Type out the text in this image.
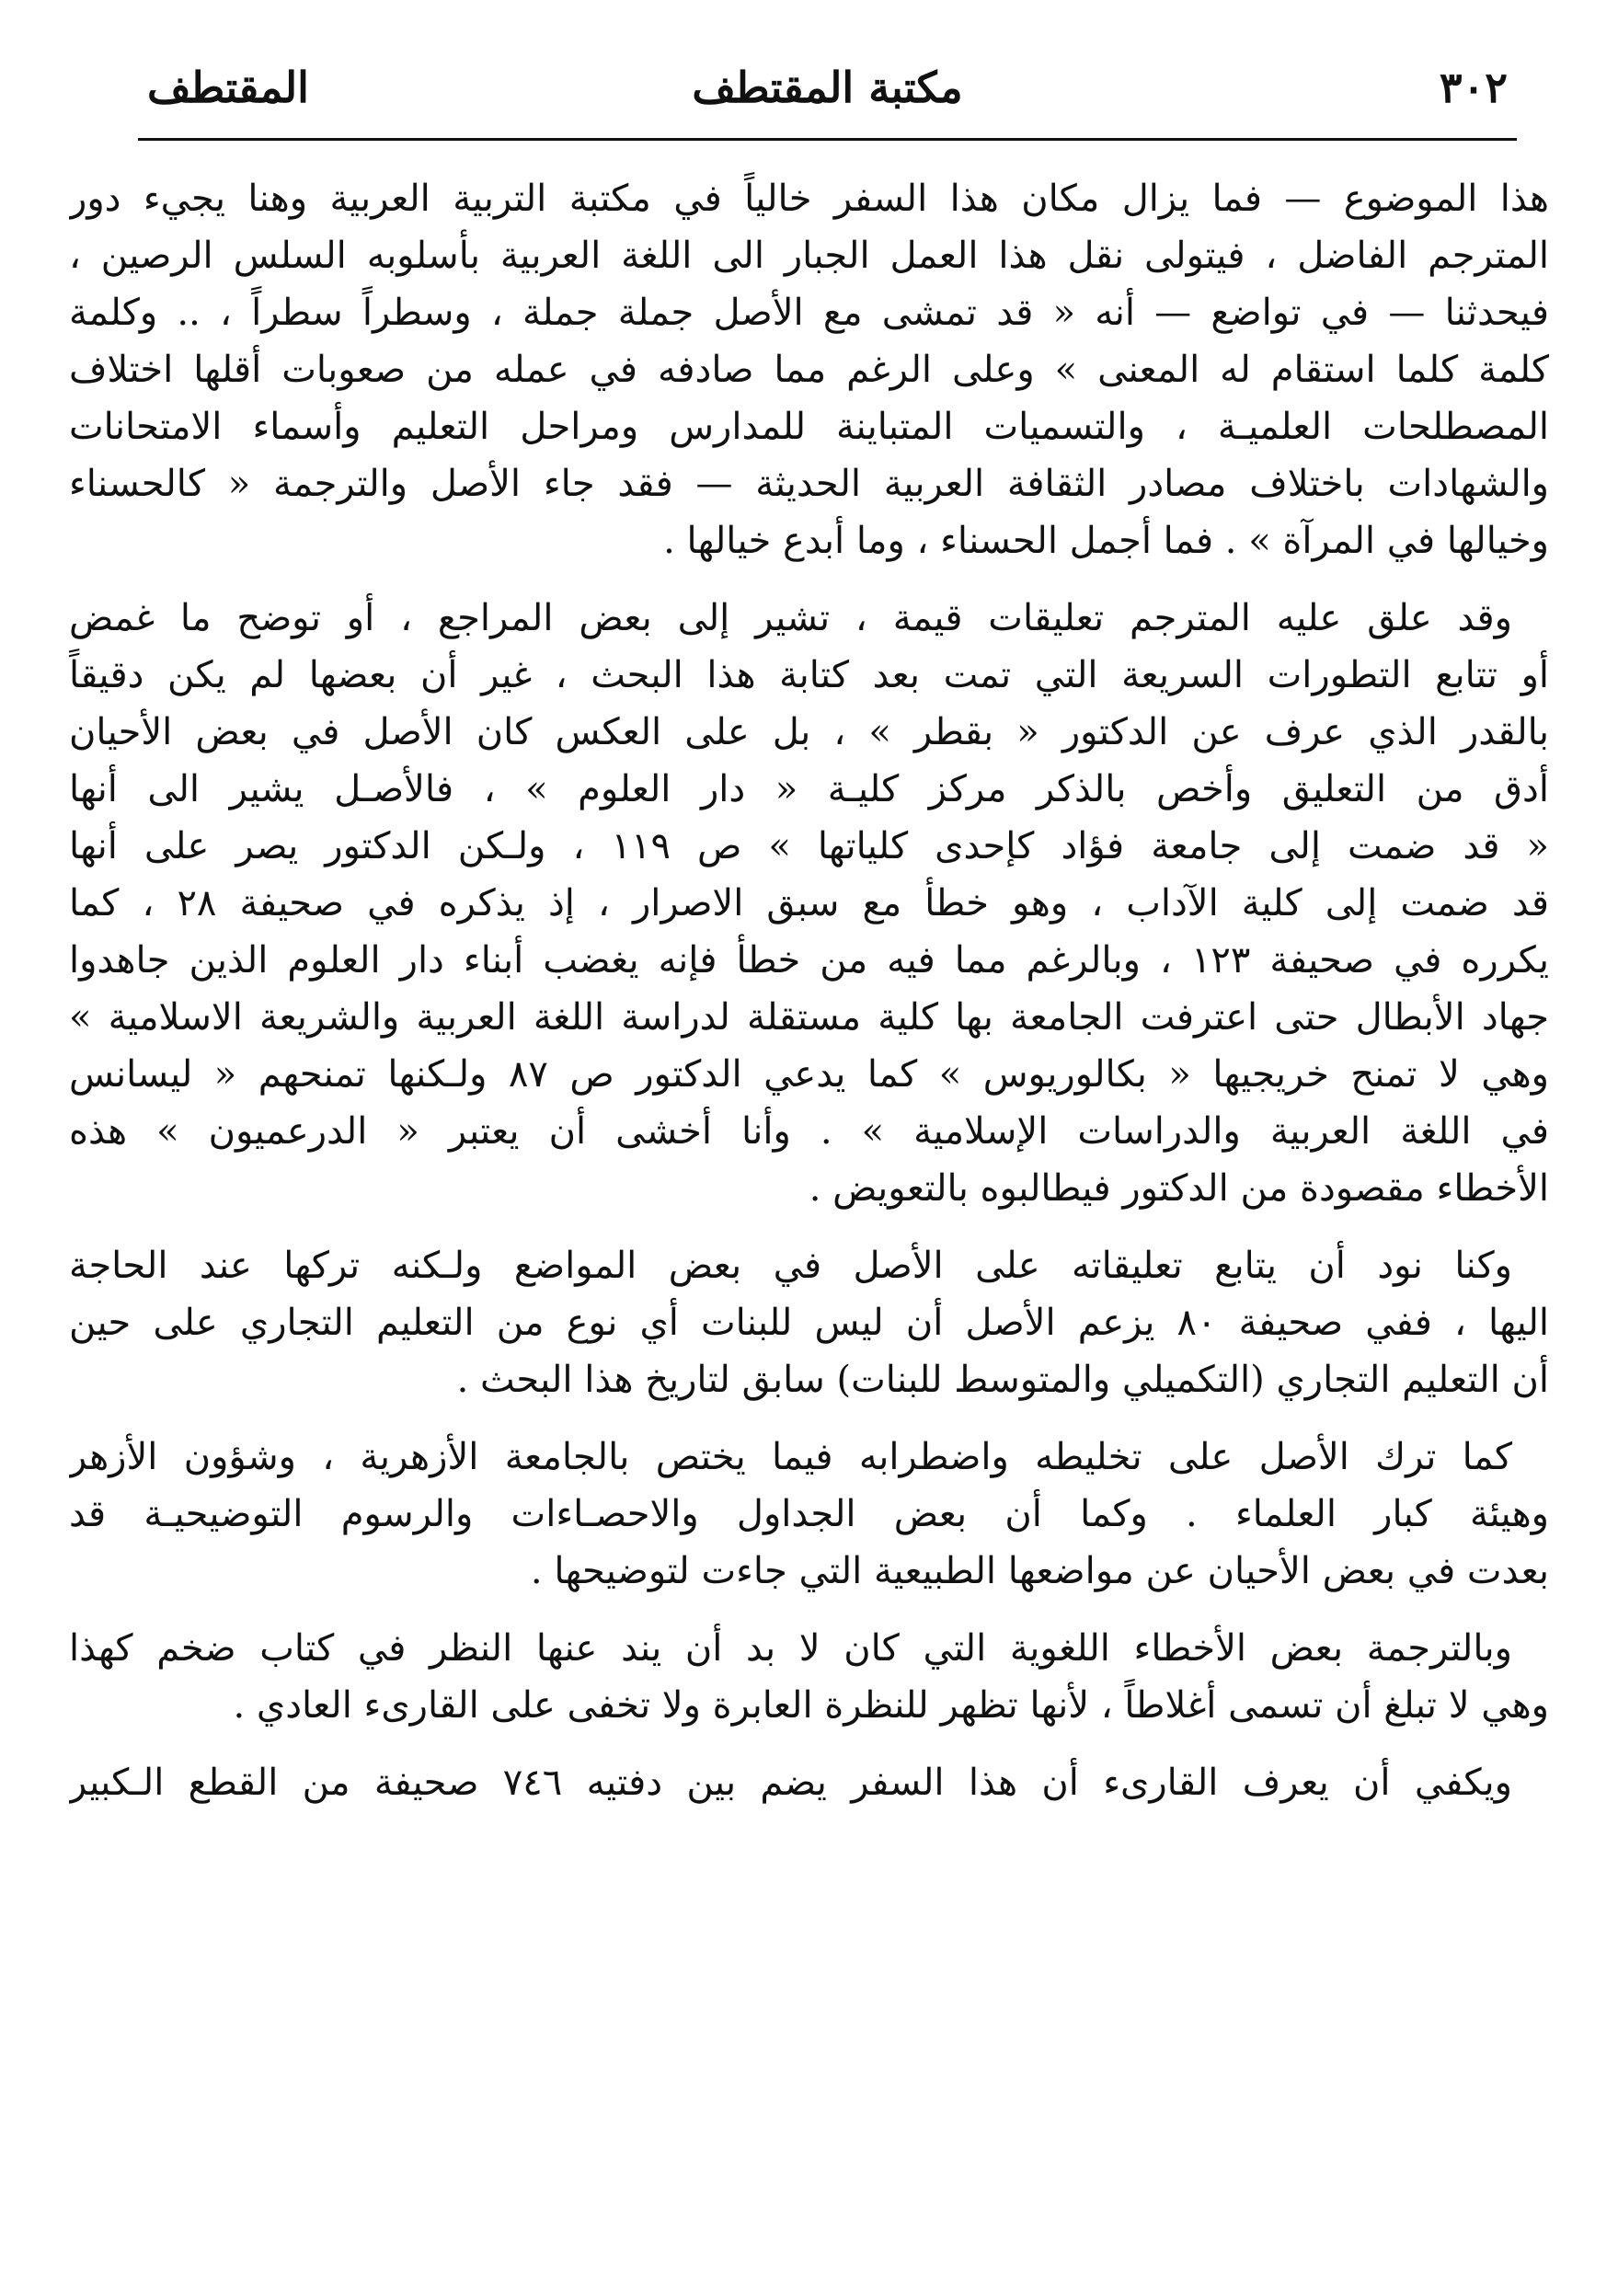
المقتطف	مكتبة المقتطف	٣٠٢
هذا الموضوع — فما يزال مكان هذا السفر خالياً في مكتبة التربية العربية وهنا يجيء دور
المترجم الفاضل ، فيتولى نقل هذا العمل الجبار الى اللغة العربية بأسلوبه السلس الرصين ،
فيحدثنا — في تواضع — أنه « قد تمشى مع الأصل جملة جملة ، وسطراً سطراً ، .. وكلمة
كلمة كلما استقام له المعنى » وعلى الرغم مما صادفه في عمله من صعوبات أقلها اختلاف
المصطلحات العلميـة ، والتسميات المتباينة للمدارس ومراحل التعليم وأسماء الامتحانات
والشهادات باختلاف مصادر الثقافة العربية الحديثة — فقد جاء الأصل والترجمة « كالحسناء
وخيالها في المرآة » . فما أجمل الحسناء ، وما أبدع خيالها .
وقد علق عليه المترجم تعليقات قيمة ، تشير إلى بعض المراجع ، أو توضح ما غمض
أو تتابع التطورات السريعة التي تمت بعد كتابة هذا البحث ، غير أن بعضها لم يكن دقيقاً
بالقدر الذي عرف عن الدكتور « بقطر » ، بل على العكس كان الأصل في بعض الأحيان
أدق من التعليق وأخص بالذكر مركز كليـة « دار العلوم » ، فالأصـل يشير الى أنها
« قد ضمت إلى جامعة فؤاد كإحدى كلياتها » ص ١١٩ ، ولـكن الدكتور يصر على أنها
قد ضمت إلى كلية الآداب ، وهو خطأ مع سبق الاصرار ، إذ يذكره في صحيفة ٢٨ ، كما
يكرره في صحيفة ١٢٣ ، وبالرغم مما فيه من خطأ فإنه يغضب أبناء دار العلوم الذين جاهدوا
جهاد الأبطال حتى اعترفت الجامعة بها كلية مستقلة لدراسة اللغة العربية والشريعة الاسلامية »
وهي لا تمنح خريجيها « بكالوريوس » كما يدعي الدكتور ص ٨٧ ولـكنها تمنحهم « ليسانس
في اللغة العربية والدراسات الإسلامية » . وأنا أخشى أن يعتبر « الدرعميون » هذه
الأخطاء مقصودة من الدكتور فيطالبوه بالتعويض .
وكنا نود أن يتابع تعليقاته على الأصل في بعض المواضع ولـكنه تركها عند الحاجة
اليها ، ففي صحيفة ٨٠ يزعم الأصل أن ليس للبنات أي نوع من التعليم التجاري على حين
أن التعليم التجاري (التكميلي والمتوسط للبنات) سابق لتاريخ هذا البحث .
كما ترك الأصل على تخليطه واضطرابه فيما يختص بالجامعة الأزهرية ، وشؤون الأزهر
وهيئة كبار العلماء . وكما أن بعض الجداول والاحصـاءات والرسوم التوضيحيـة قد
بعدت في بعض الأحيان عن مواضعها الطبيعية التي جاءت لتوضيحها .
وبالترجمة بعض الأخطاء اللغوية التي كان لا بد أن يند عنها النظر في كتاب ضخم كهذا
وهي لا تبلغ أن تسمى أغلاطاً ، لأنها تظهر للنظرة العابرة ولا تخفى على القارىء العادي .
ويكفي أن يعرف القارىء أن هذا السفر يضم بين دفتيه ٧٤٦ صحيفة من القطع الـكبير
